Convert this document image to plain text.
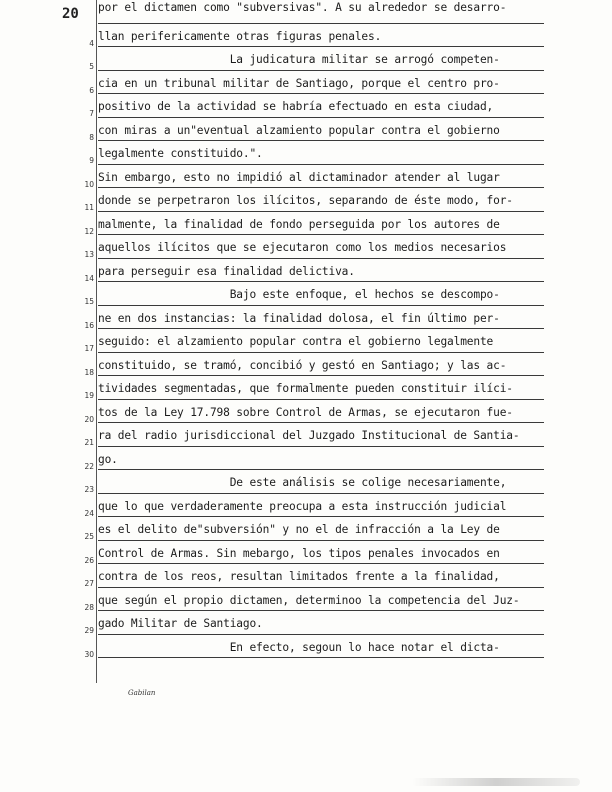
20 por el dictamen como "subversivas". A su alrededor se desarro-
llan perifericamente otras figuras penales.
4
La judicatura militar se arrogó competen-
5
cia en un tribunal militar de Santiago, porque el centro pro-
6
positivo de la actividad se habría efectuado en esta ciudad,
7
con miras a un"eventual alzamiento popular contra el gobierno
8
legalmente constituido.".
9
Sin embargo, esto no impidió al dictaminador atender al lugar
10
donde se perpetraron los ilícitos, separando de éste modo, for-
11
malmente, la finalidad de fondo perseguida por los autores de
12
aquellos ilícitos que se ejecutaron como los medios necesarios
13
para perseguir esa finalidad delictiva.
14
Bajo este enfoque, el hechos se descompo-
15
ne en dos instancias: la finalidad dolosa, el fin último per-
16
seguido: el alzamiento popular contra el gobierno legalmente
17
constituido, se tramó, concibió y gestó en Santiago; y las ac-
18
tividades segmentadas, que formalmente pueden constituir ilíci-
19
tos de la Ley 17.798 sobre Control de Armas, se ejecutaron fue-
20
ra del radio jurisdiccional del Juzgado Institucional de Santia-
21
go.
22
De este análisis se colige necesariamente,
23
que lo que verdaderamente preocupa a esta instrucción judicial
24
es el delito de"subversión" y no el de infracción a la Ley de
25
Control de Armas. Sin mebargo, los tipos penales invocados en
26
contra de los reos, resultan limitados frente a la finalidad,
27
que según el propio dictamen, determinoo la competencia del Juz-
28
gado Militar de Santiago.
29
En efecto, segoun lo hace notar el dicta-
30
Gabilan
